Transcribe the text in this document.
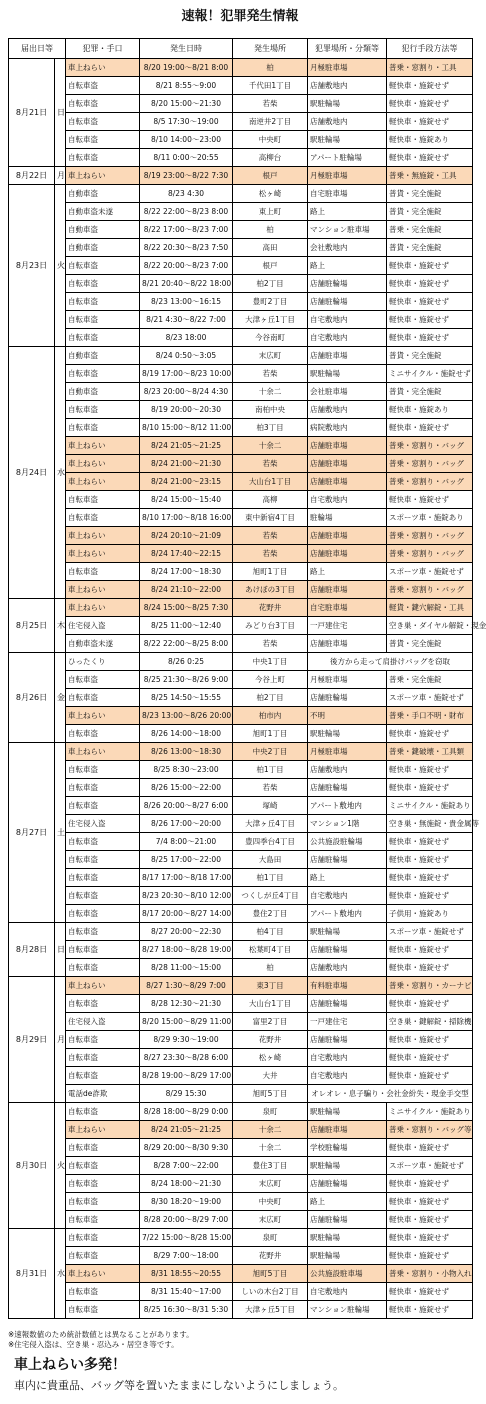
速報！犯罪発生情報
届出日等		犯罪・手口	発生日時	発生場所	犯罪場所・分類等	犯行手段方法等
8月21日	日	車上ねらい	8/20 19:00～8/21 8:00	柏	月極駐車場	普乗・窓割り・工具
		自転車盗	8/21 8:55～9:00	千代田1丁目	店舗敷地内	軽快車・施錠せず
		自転車盗	8/20 15:00～21:30	若柴	駅駐輪場	軽快車・施錠せず
		自転車盗	8/5 17:30～19:00	南逆井2丁目	店舗敷地内	軽快車・施錠せず
		自転車盗	8/10 14:00～23:00	中央町	駅駐輪場	軽快車・施錠あり
		自転車盗	8/11 0:00～20:55	高柳台	アパート駐輪場	軽快車・施錠せず
8月22日	月	車上ねらい	8/19 23:00～8/22 7:30	根戸	月極駐車場	普乗・無施錠・工具
8月23日	火	自動車盗	8/23 4:30	松ヶ崎	自宅駐車場	普貨・完全施錠
		自動車盗未遂	8/22 22:00～8/23 8:00	東上町	路上	普貨・完全施錠
		自動車盗	8/22 17:00～8/23 7:00	柏	マンション駐車場	普乗・完全施錠
		自動車盗	8/22 20:30～8/23 7:50	高田	会社敷地内	普貨・完全施錠
		自転車盗	8/22 20:00～8/23 7:00	根戸	路上	軽快車・施錠せず
		自転車盗	8/21 20:40～8/22 18:00	柏2丁目	店舗駐輪場	軽快車・施錠せず
		自転車盗	8/23 13:00～16:15	豊町2丁目	店舗駐輪場	軽快車・施錠せず
		自転車盗	8/21 4:30～8/22 7:00	大津ヶ丘1丁目	自宅敷地内	軽快車・施錠せず
		自転車盗	8/23 18:00	今谷南町	自宅敷地内	軽快車・施錠せず
8月24日	水	自動車盗	8/24 0:50～3:05	末広町	店舗駐車場	普貨・完全施錠
		自転車盗	8/19 17:00～8/23 10:00	若柴	駅駐輪場	ミニサイクル・施錠せず
		自動車盗	8/23 20:00～8/24 4:30	十余二	会社駐車場	普貨・完全施錠
		自転車盗	8/19 20:00～20:30	南柏中央	店舗敷地内	軽快車・施錠あり
		自転車盗	8/10 15:00～8/12 11:00	柏3丁目	病院敷地内	軽快車・施錠せず
		車上ねらい	8/24 21:05～21:25	十余二	店舗駐車場	普乗・窓割り・バッグ
		車上ねらい	8/24 21:00～21:30	若柴	店舗駐車場	普乗・窓割り・バッグ
		車上ねらい	8/24 21:00～23:15	大山台1丁目	店舗駐車場	普乗・窓割り・バッグ
		自転車盗	8/24 15:00～15:40	高柳	自宅敷地内	軽快車・施錠せず
		自転車盗	8/10 17:00～8/18 16:00	東中新宿4丁目	駐輪場	スポーツ車・施錠あり
		車上ねらい	8/24 20:10～21:09	若柴	店舗駐車場	普乗・窓割り・バッグ
		車上ねらい	8/24 17:40～22:15	若柴	店舗駐車場	普乗・窓割り・バッグ
		自転車盗	8/24 17:00～18:30	旭町1丁目	路上	スポーツ車・施錠せず
		車上ねらい	8/24 21:10～22:00	あけぼの3丁目	店舗駐車場	普乗・窓割り・バッグ
8月25日	木	車上ねらい	8/24 15:00～8/25 7:30	花野井	自宅駐車場	軽貨・鍵穴解錠・工具
		住宅侵入盗	8/25 11:00～12:40	みどり台3丁目	一戸建住宅	空き巣・ダイヤル解錠・現金
		自動車盗未遂	8/22 22:00～8/25 8:00	若柴	店舗駐車場	普貨・完全施錠
8月26日	金	ひったくり	8/26 0:25	中央1丁目	後方から走って肩掛けバッグを窃取	
		自転車盗	8/25 21:30～8/26 9:00	今谷上町	月極駐車場	普乗・完全施錠
		自転車盗	8/25 14:50～15:55	柏2丁目	店舗駐輪場	スポーツ車・施錠せず
		車上ねらい	8/23 13:00～8/26 20:00	柏市内	不明	普乗・手口不明・財布
		自転車盗	8/26 14:00～18:00	旭町1丁目	駅駐輪場	軽快車・施錠せず
8月27日	土	車上ねらい	8/26 13:00～18:30	中央2丁目	月極駐車場	普乗・鍵破壊・工具類
		自転車盗	8/25 8:30～23:00	柏1丁目	店舗敷地内	軽快車・施錠せず
		自転車盗	8/26 15:00～22:00	若柴	店舗駐輪場	軽快車・施錠せず
		自転車盗	8/26 20:00～8/27 6:00	塚崎	アパート敷地内	ミニサイクル・施錠あり
		住宅侵入盗	8/26 17:00～20:00	大津ヶ丘4丁目	マンション1階	空き巣・無施錠・貴金属等
		自転車盗	7/4 8:00～21:00	豊四季台4丁目	公共施設駐輪場	軽快車・施錠せず
		自転車盗	8/25 17:00～22:00	大島田	店舗駐輪場	軽快車・施錠せず
		自転車盗	8/17 17:00～8/18 17:00	柏1丁目	路上	軽快車・施錠せず
		自転車盗	8/23 20:30～8/10 12:00	つくしが丘4丁目	自宅敷地内	軽快車・施錠せず
		自転車盗	8/17 20:00～8/27 14:00	豊住2丁目	アパート敷地内	子供用・施錠あり
8月28日	日	自転車盗	8/27 20:00～22:30	柏4丁目	駅駐輪場	スポーツ車・施錠せず
		自転車盗	8/27 18:00～8/28 19:00	松葉町4丁目	店舗駐輪場	軽快車・施錠せず
		自転車盗	8/28 11:00～15:00	柏	店舗敷地内	軽快車・施錠せず
8月29日	月	車上ねらい	8/27 1:30～8/29 7:00	東3丁目	有料駐車場	普乗・窓割り・カーナビ
		自転車盗	8/28 12:30～21:30	大山台1丁目	店舗駐輪場	軽快車・施錠せず
		住宅侵入盗	8/20 15:00～8/29 11:00	富里2丁目	一戸建住宅	空き巣・鍵解錠・掃除機
		自転車盗	8/29 9:30～19:00	花野井	店舗駐輪場	軽快車・施錠せず
		自転車盗	8/27 23:30～8/28 6:00	松ヶ崎	自宅敷地内	軽快車・施錠せず
		自転車盗	8/28 19:00～8/29 17:00	大井	自宅敷地内	軽快車・施錠せず
		電話de詐欺	8/29 15:30	旭町5丁目	オレオレ・息子騙り・会社金紛失・現金手交型	
8月30日	火	自転車盗	8/28 18:00～8/29 0:00	泉町	駅駐輪場	ミニサイクル・施錠あり
		車上ねらい	8/24 21:05～21:25	十余二	店舗駐車場	普乗・窓割り・バッグ等
		自転車盗	8/29 20:00～8/30 9:30	十余二	学校駐輪場	軽快車・施錠せず
		自転車盗	8/28 7:00～22:00	豊住3丁目	駅駐輪場	スポーツ車・施錠せず
		自転車盗	8/24 18:00～21:30	末広町	店舗駐輪場	軽快車・施錠せず
		自転車盗	8/30 18:20～19:00	中央町	路上	軽快車・施錠せず
		自転車盗	8/28 20:00～8/29 7:00	末広町	店舗駐輪場	軽快車・施錠せず
8月31日	水	自転車盗	7/22 15:00～8/28 15:00	泉町	駅駐輪場	軽快車・施錠せず
		自転車盗	8/29 7:00～18:00	花野井	駅駐輪場	軽快車・施錠せず
		車上ねらい	8/31 18:55～20:55	旭町5丁目	公共施設駐車場	普乗・窓割り・小物入れ
		自転車盗	8/31 15:40～17:00	しいの木台2丁目	自宅敷地内	軽快車・施錠せず
		自転車盗	8/25 16:30～8/31 5:30	大津ヶ丘5丁目	マンション駐輪場	軽快車・施錠せず
※速報数値のため統計数値とは異なることがあります。
※住宅侵入盗は、空き巣・忍込み・居空き等です。
車上ねらい多発！
車内に貴重品、バッグ等を置いたままにしないようにしましょう。
